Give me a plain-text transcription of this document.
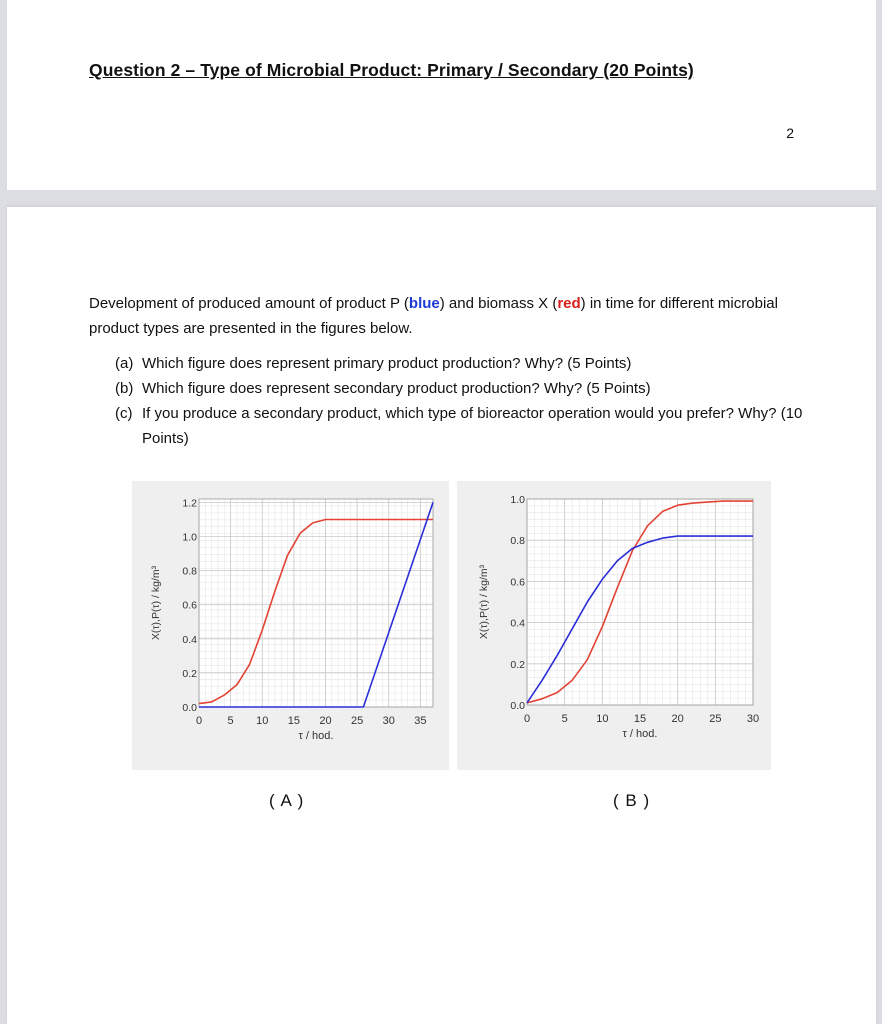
Question 2 – Type of Microbial Product: Primary / Secondary (20 Points)
2
Development of produced amount of product P (blue) and biomass X (red) in time for different microbial product types are presented in the figures below.
(a) Which figure does represent primary product production? Why? (5 Points)
(b) Which figure does represent secondary product production? Why? (5 Points)
(c) If you produce a secondary product, which type of bioreactor operation would you prefer? Why? (10 Points)
0 5 10 15 20 25 30 35
0.0
0.2
0.4
0.6
0.8
1.0
1.2
τ / hod.
X(τ),P(τ) / kg/m³
0	5	10 15 20 25 30
0.0
0.2
0.4
0.6
0.8
1.0
τ / hod.
X(τ),P(τ) / kg/m³
( A )	( B )
